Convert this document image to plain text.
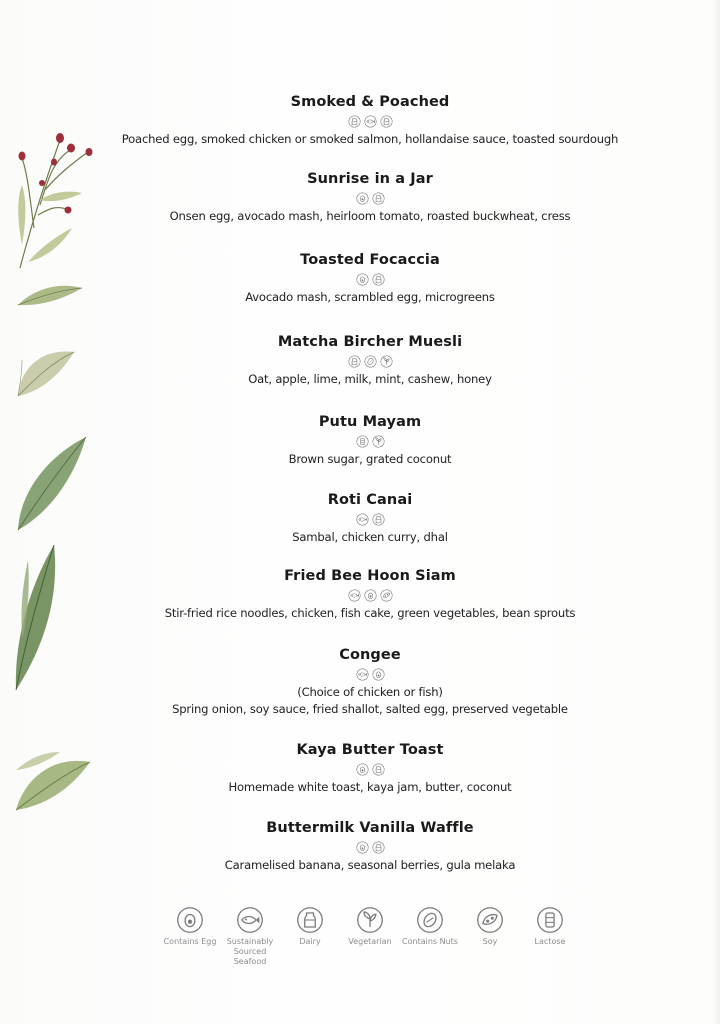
Smoked & Poached
Poached egg, smoked chicken or smoked salmon, hollandaise sauce, toasted sourdough
Sunrise in a Jar
Onsen egg, avocado mash, heirloom tomato, roasted buckwheat, cress
Toasted Focaccia
Avocado mash, scrambled egg, microgreens
Matcha Bircher Muesli
Oat, apple, lime, milk, mint, cashew, honey
Putu Mayam
Brown sugar, grated coconut
Roti Canai
Sambal, chicken curry, dhal
Fried Bee Hoon Siam
Stir-fried rice noodles, chicken, fish cake, green vegetables, bean sprouts
Congee
(Choice of chicken or fish)
Spring onion, soy sauce, fried shallot, salted egg, preserved vegetable
Kaya Butter Toast
Homemade white toast, kaya jam, butter, coconut
Buttermilk Vanilla Waffle
Caramelised banana, seasonal berries, gula melaka
Contains Egg	Sustainably Sourced Seafood
Dairy	Vegetarian	Contains Nuts	Soy	Lactose
